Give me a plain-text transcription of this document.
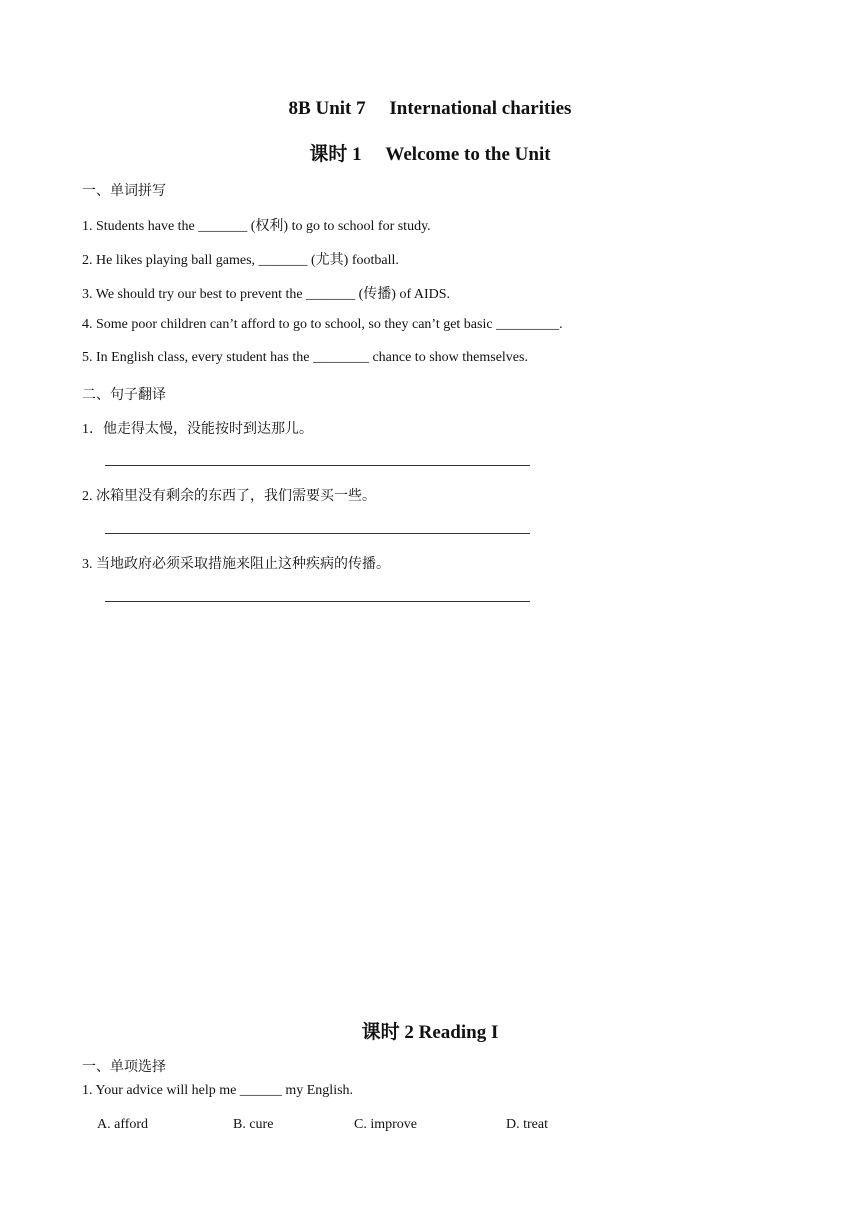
8B Unit 7　 International charities
课时 1　 Welcome to the Unit
一、单词拼写
1. Students have the _______ (权利) to go to school for study.
2. He likes playing ball games, _______ (尤其) football.
3. We should try our best to prevent the _______ (传播) of AIDS.
4. Some poor children can’t afford to go to school, so they can’t get basic _________.
5. In English class, every student has the ________ chance to show themselves.
二、句子翻译
1．他走得太慢，没能按时到达那儿。
2. 冰箱里没有剩余的东西了，我们需要买一些。
3. 当地政府必须采取措施来阻止这种疾病的传播。
课时 2 Reading I
一、单项选择
1. Your advice will help me ______ my English.
A. afford	B. cure	C. improve	D. treat
